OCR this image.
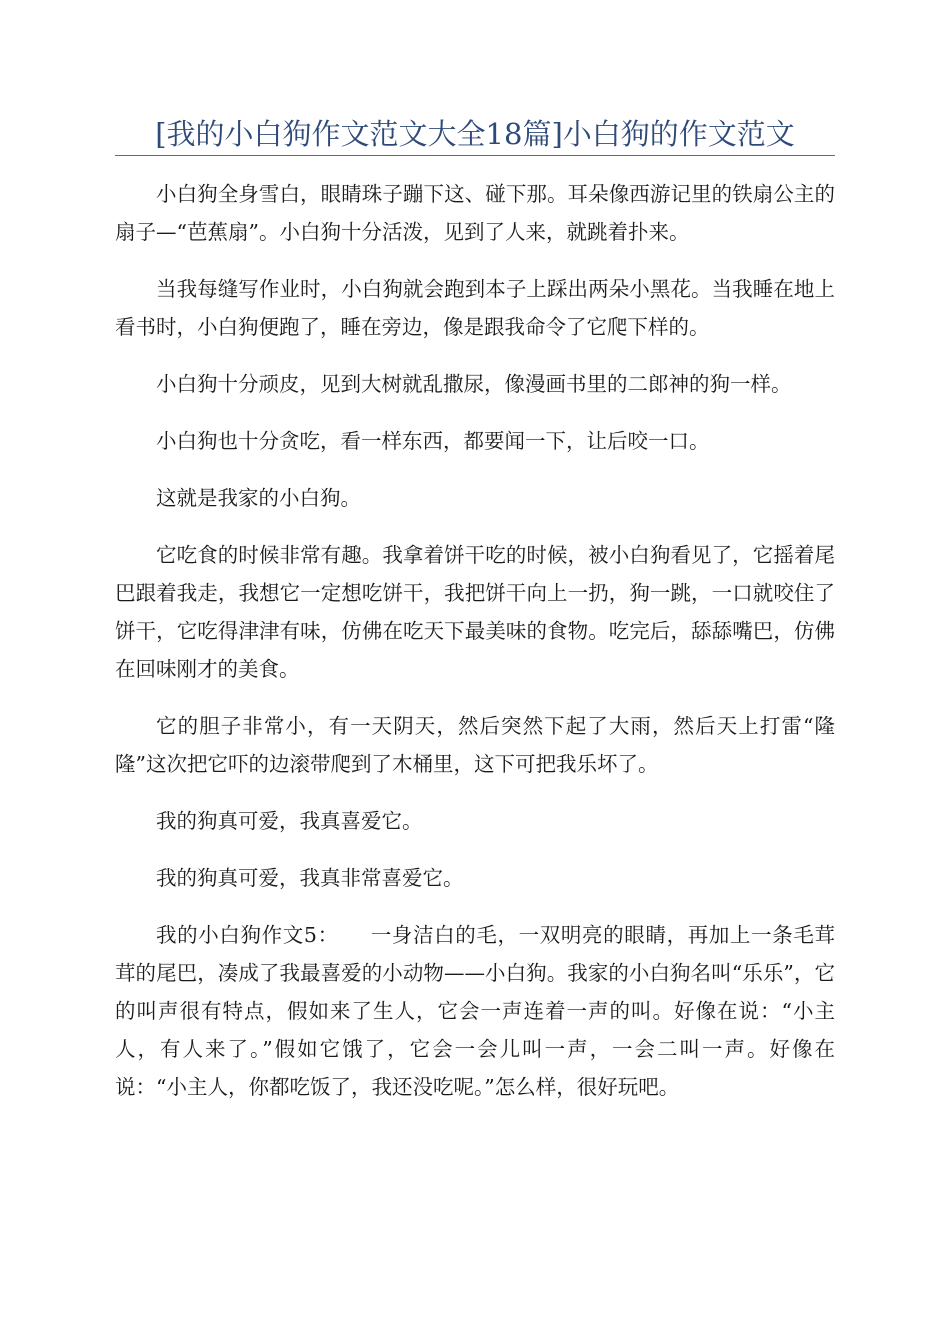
[我的小白狗作文范文大全18篇]小白狗的作文范文

小白狗全身雪白，眼睛珠子蹦下这、碰下那。耳朵像西游记里的铁扇公主的扇子—“芭蕉扇”。小白狗十分活泼，见到了人来，就跳着扑来。

当我每缝写作业时，小白狗就会跑到本子上踩出两朵小黑花。当我睡在地上看书时，小白狗便跑了，睡在旁边，像是跟我命令了它爬下样的。

小白狗十分顽皮，见到大树就乱撒尿，像漫画书里的二郎神的狗一样。

小白狗也十分贪吃，看一样东西，都要闻一下，让后咬一口。

这就是我家的小白狗。

它吃食的时候非常有趣。我拿着饼干吃的时候，被小白狗看见了，它摇着尾巴跟着我走，我想它一定想吃饼干，我把饼干向上一扔，狗一跳，一口就咬住了饼干，它吃得津津有味，仿佛在吃天下最美味的食物。吃完后，舔舔嘴巴，仿佛在回味刚才的美食。

它的胆子非常小，有一天阴天，然后突然下起了大雨，然后天上打雷“隆隆”这次把它吓的边滚带爬到了木桶里，这下可把我乐坏了。

我的狗真可爱，我真喜爱它。

我的狗真可爱，我真非常喜爱它。

我的小白狗作文5：　　一身洁白的毛，一双明亮的眼睛，再加上一条毛茸茸的尾巴，凑成了我最喜爱的小动物——小白狗。我家的小白狗名叫“乐乐”，它的叫声很有特点，假如来了生人，它会一声连着一声的叫。好像在说：“小主人，有人来了。”假如它饿了，它会一会儿叫一声，一会二叫一声。好像在说：“小主人，你都吃饭了，我还没吃呢。”怎么样，很好玩吧。
